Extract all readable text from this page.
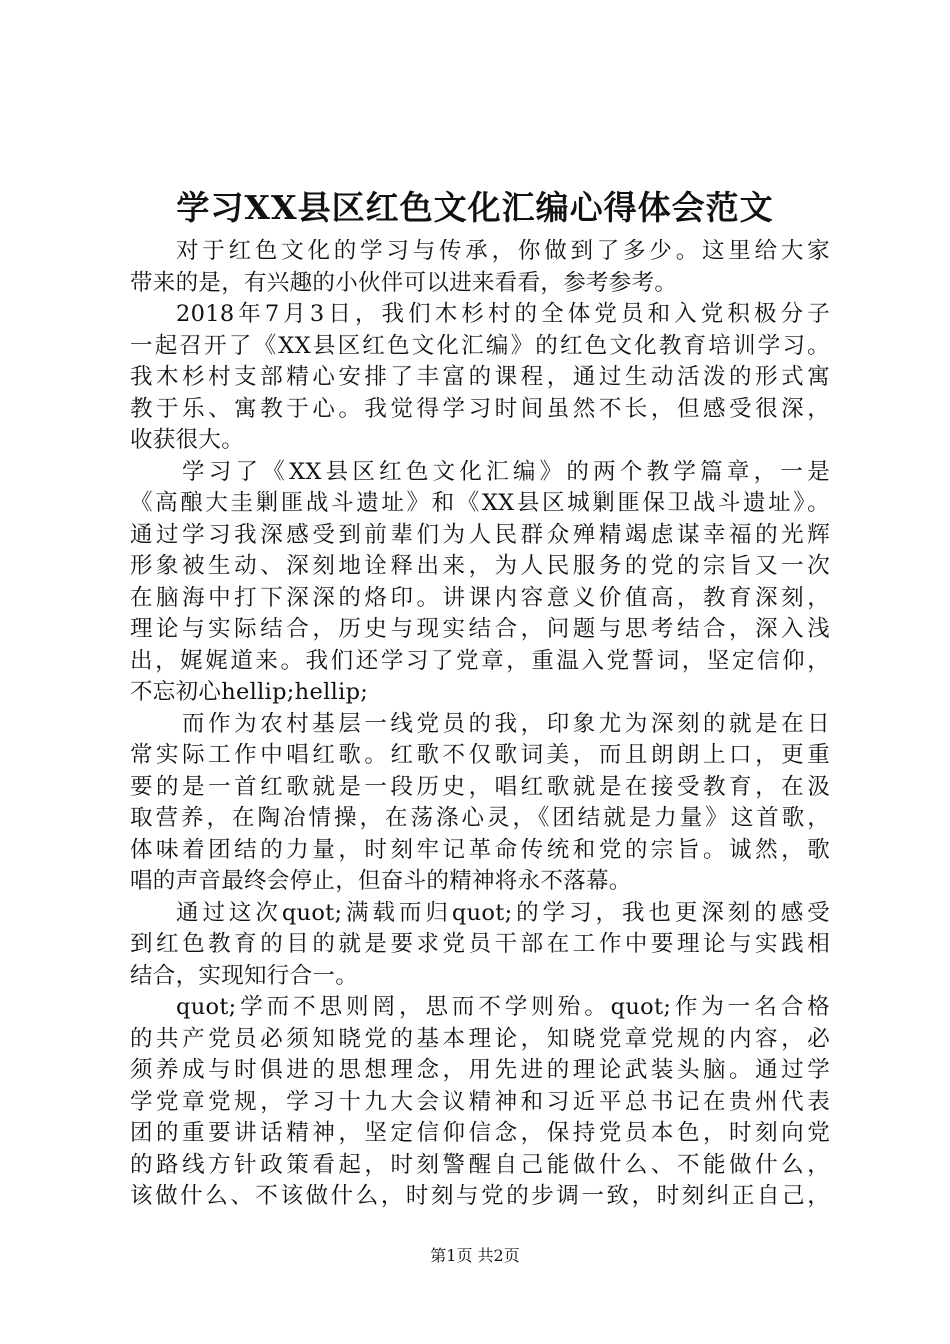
学习XX县区红色文化汇编心得体会范文
对于红色文化的学习与传承，你做到了多少。这里给大家
带来的是，有兴趣的小伙伴可以进来看看，参考参考。
2018年7月3日，我们木杉村的全体党员和入党积极分子
一起召开了《XX县区红色文化汇编》的红色文化教育培训学习。
我木杉村支部精心安排了丰富的课程，通过生动活泼的形式寓
教于乐、寓教于心。我觉得学习时间虽然不长，但感受很深，
收获很大。
学习了《XX县区红色文化汇编》的两个教学篇章，一是
《高酿大圭剿匪战斗遗址》和《XX县区城剿匪保卫战斗遗址》。
通过学习我深感受到前辈们为人民群众殚精竭虑谋幸福的光辉
形象被生动、深刻地诠释出来，为人民服务的党的宗旨又一次
在脑海中打下深深的烙印。讲课内容意义价值高，教育深刻，
理论与实际结合，历史与现实结合，问题与思考结合，深入浅
出，娓娓道来。我们还学习了党章，重温入党誓词，坚定信仰，
不忘初心hellip;hellip;
而作为农村基层一线党员的我，印象尤为深刻的就是在日
常实际工作中唱红歌。红歌不仅歌词美，而且朗朗上口，更重
要的是一首红歌就是一段历史，唱红歌就是在接受教育，在汲
取营养，在陶冶情操，在荡涤心灵，《团结就是力量》这首歌，
体味着团结的力量，时刻牢记革命传统和党的宗旨。诚然，歌
唱的声音最终会停止，但奋斗的精神将永不落幕。
通过这次quot;满载而归quot;的学习，我也更深刻的感受
到红色教育的目的就是要求党员干部在工作中要理论与实践相
结合，实现知行合一。
quot;学而不思则罔，思而不学则殆。quot;作为一名合格
的共产党员必须知晓党的基本理论，知晓党章党规的内容，必
须养成与时俱进的思想理念，用先进的理论武装头脑。通过学
学党章党规，学习十九大会议精神和习近平总书记在贵州代表
团的重要讲话精神，坚定信仰信念，保持党员本色，时刻向党
的路线方针政策看起，时刻警醒自己能做什么、不能做什么，
该做什么、不该做什么，时刻与党的步调一致，时刻纠正自己，
第1页 共2页
